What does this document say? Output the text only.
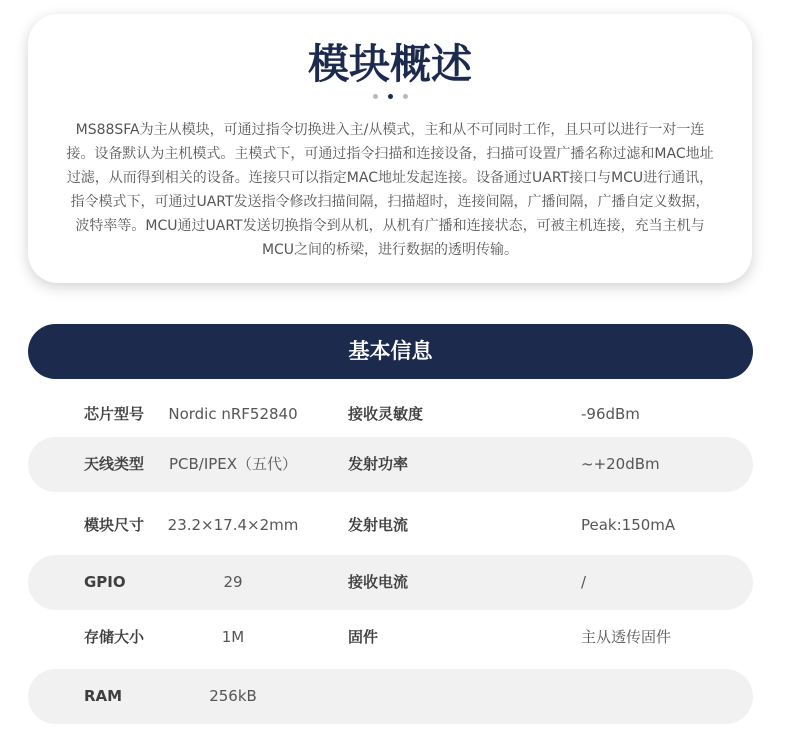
模块概述
MS88SFA为主从模块，可通过指令切换进入主/从模式，主和从不可同时工作，且只可以进行一对一连接。设备默认为主机模式。主模式下，可通过指令扫描和连接设备，扫描可设置广播名称过滤和MAC地址过滤，从而得到相关的设备。连接只可以指定MAC地址发起连接。设备通过UART接口与MCU进行通讯，指令模式下，可通过UART发送指令修改扫描间隔，扫描超时，连接间隔，广播间隔，广播自定义数据，波特率等。MCU通过UART发送切换指令到从机，从机有广播和连接状态，可被主机连接，充当主机与MCU之间的桥梁，进行数据的透明传输。
基本信息
芯片型号 Nordic nRF52840	接收灵敏度	-96dBm
天线类型 PCB/IPEX（五代）	发射功率	~+20dBm
模块尺寸 23.2×17.4×2mm	发射电流	Peak:150mA
GPIO	29	接收电流	/
存储大小	1M	固件	主从透传固件
RAM	256kB
